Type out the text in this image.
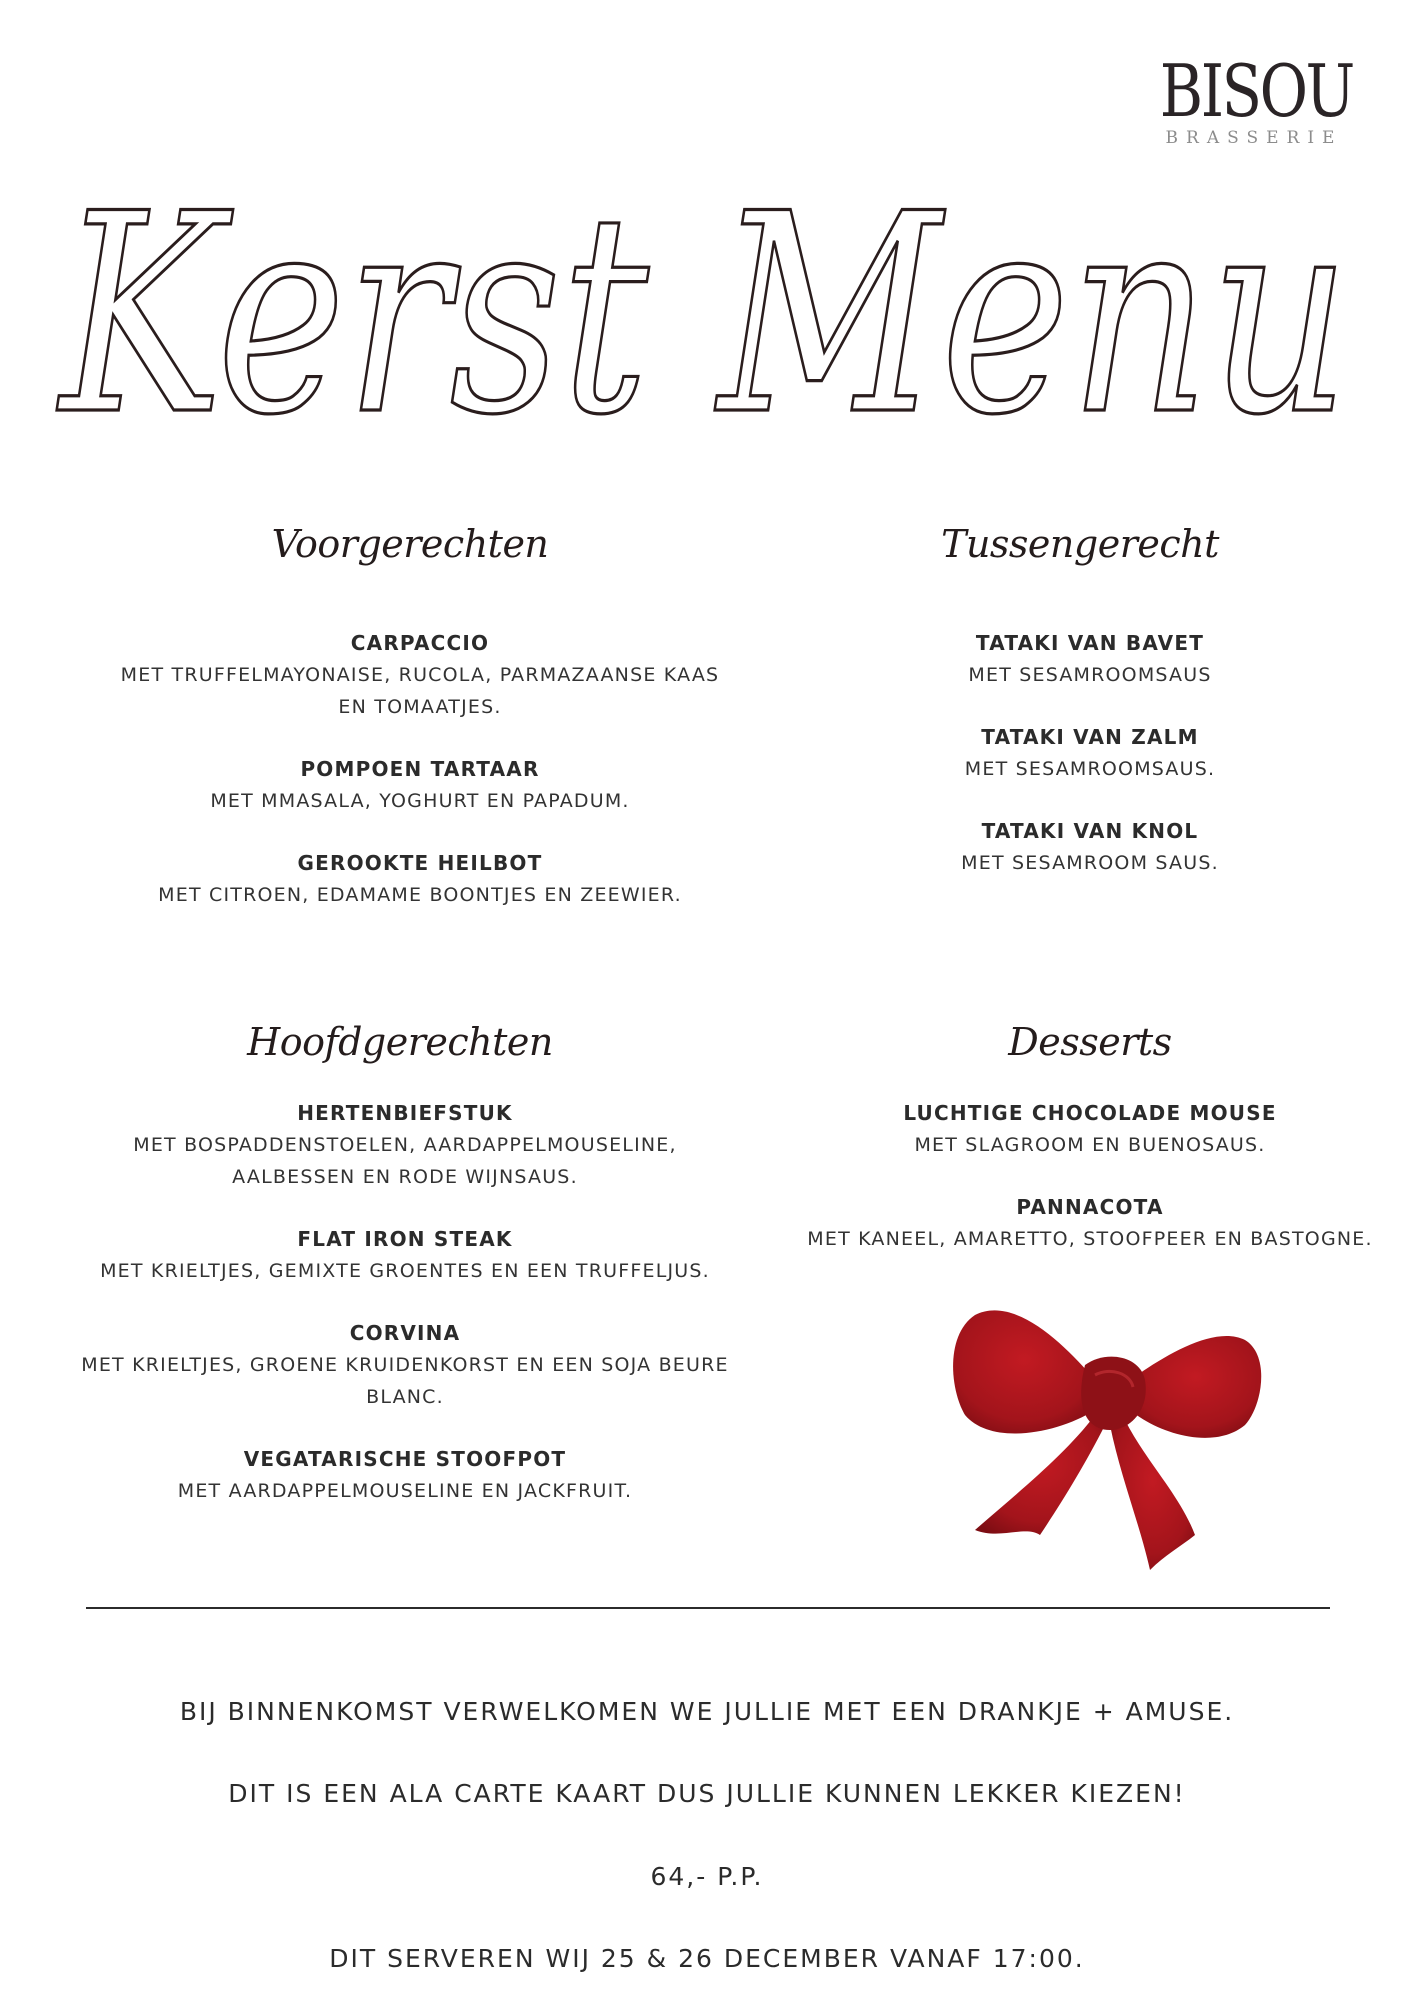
BISOU
BRASSERIE
Kerst Menu
Voorgerechten
CARPACCIO
MET TRUFFELMAYONAISE, RUCOLA, PARMAZAANSE KAAS EN TOMAATJES.
POMPOEN TARTAAR
MET MMASALA, YOGHURT EN PAPADUM.
GEROOKTE HEILBOT
MET CITROEN, EDAMAME BOONTJES EN ZEEWIER.
Tussengerecht
TATAKI VAN BAVET
MET SESAMROOMSAUS
TATAKI VAN ZALM
MET SESAMROOMSAUS.
TATAKI VAN KNOL
MET SESAMROOM SAUS.
Hoofdgerechten
HERTENBIEFSTUK
MET BOSPADDENSTOELEN, AARDAPPELMOUSELINE, AALBESSEN EN RODE WIJNSAUS.
FLAT IRON STEAK
MET KRIELTJES, GEMIXTE GROENTES EN EEN TRUFFELJUS.
CORVINA
MET KRIELTJES, GROENE KRUIDENKORST EN EEN SOJA BEURE BLANC.
VEGATARISCHE STOOFPOT
MET AARDAPPELMOUSELINE EN JACKFRUIT.
Desserts
LUCHTIGE CHOCOLADE MOUSE
MET SLAGROOM EN BUENOSAUS.
PANNACOTA
MET KANEEL, AMARETTO, STOOFPEER EN BASTOGNE.
BIJ BINNENKOMST VERWELKOMEN WE JULLIE MET EEN DRANKJE + AMUSE.
DIT IS EEN ALA CARTE KAART DUS JULLIE KUNNEN LEKKER KIEZEN!
64,- P.P.
DIT SERVEREN WIJ 25 & 26 DECEMBER VANAF 17:00.
